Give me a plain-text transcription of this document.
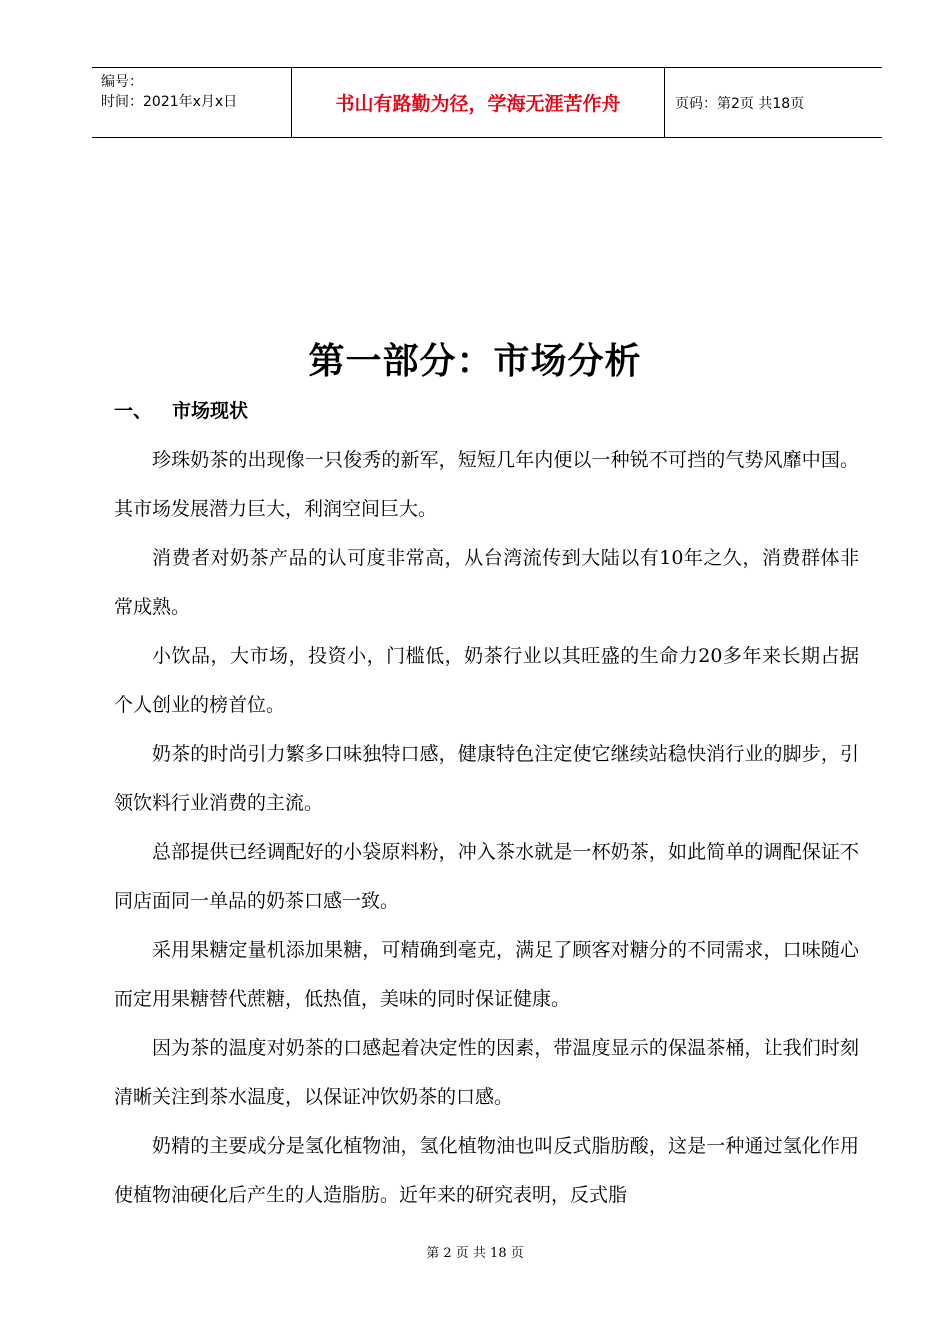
编号：
时间：2021年x月x日	书山有路勤为径，学海无涯苦作舟	页码：第2页 共18页
第一部分：市场分析
一、 市场现状

珍珠奶茶的出现像一只俊秀的新军，短短几年内便以一种锐不可挡的气势风靡中国。其市场发展潜力巨大，利润空间巨大。

消费者对奶茶产品的认可度非常高，从台湾流传到大陆以有10年之久，消费群体非常成熟。

小饮品，大市场，投资小，门槛低，奶茶行业以其旺盛的生命力20多年来长期占据个人创业的榜首位。

奶茶的时尚引力繁多口味独特口感，健康特色注定使它继续站稳快消行业的脚步，引领饮料行业消费的主流。

总部提供已经调配好的小袋原料粉，冲入茶水就是一杯奶茶，如此简单的调配保证不同店面同一单品的奶茶口感一致。

采用果糖定量机添加果糖，可精确到毫克，满足了顾客对糖分的不同需求，口味随心而定用果糖替代蔗糖，低热值，美味的同时保证健康。

因为茶的温度对奶茶的口感起着决定性的因素，带温度显示的保温茶桶，让我们时刻清晰关注到茶水温度，以保证冲饮奶茶的口感。

奶精的主要成分是氢化植物油，氢化植物油也叫反式脂肪酸，这是一种通过氢化作用使植物油硬化后产生的人造脂肪。近年来的研究表明，反式脂

第 2 页 共 18 页
